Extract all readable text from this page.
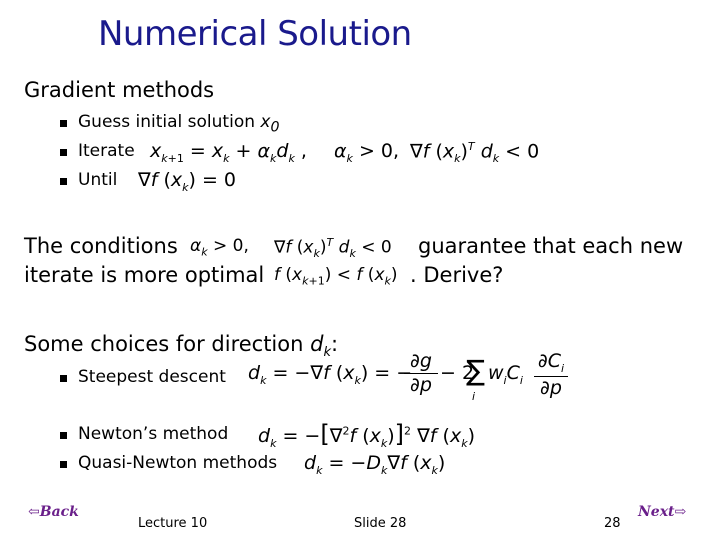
Numerical Solution
Gradient methods
Guess initial solution $x_0$
Iterate
Until
$x_{k+1} = x_k + \alpha_kd_k$ , $\alpha_k > 0$, ∇f $(x_k)^T$ $d_k < 0$
∇f $(x_k) = 0$
The conditions $\alpha_k > 0$, ∇f $(x_k)^T$ $d_k < 0$ guarantee that each new
iterate is more optimal f $(x_{k+1}) < f$ $(x_k)$ . Derive?
Some choices for direction $d_k$:
Steepest descent $d_k = -\nabla f$ $(x_k)$ = −
∂g
∂p
− 2
∑
i
$w_iC_i$
$\partial C_i$
∂p
Newton’s method $d_k = -[\nabla^2f$ $(x_k)]^2$ ∇f $(x_k)$
Quasi-Newton methods $d_k = -D_k\nabla f$ $(x_k)$
⇦Back
Lecture 10	Slide 28	28
Next⇨
